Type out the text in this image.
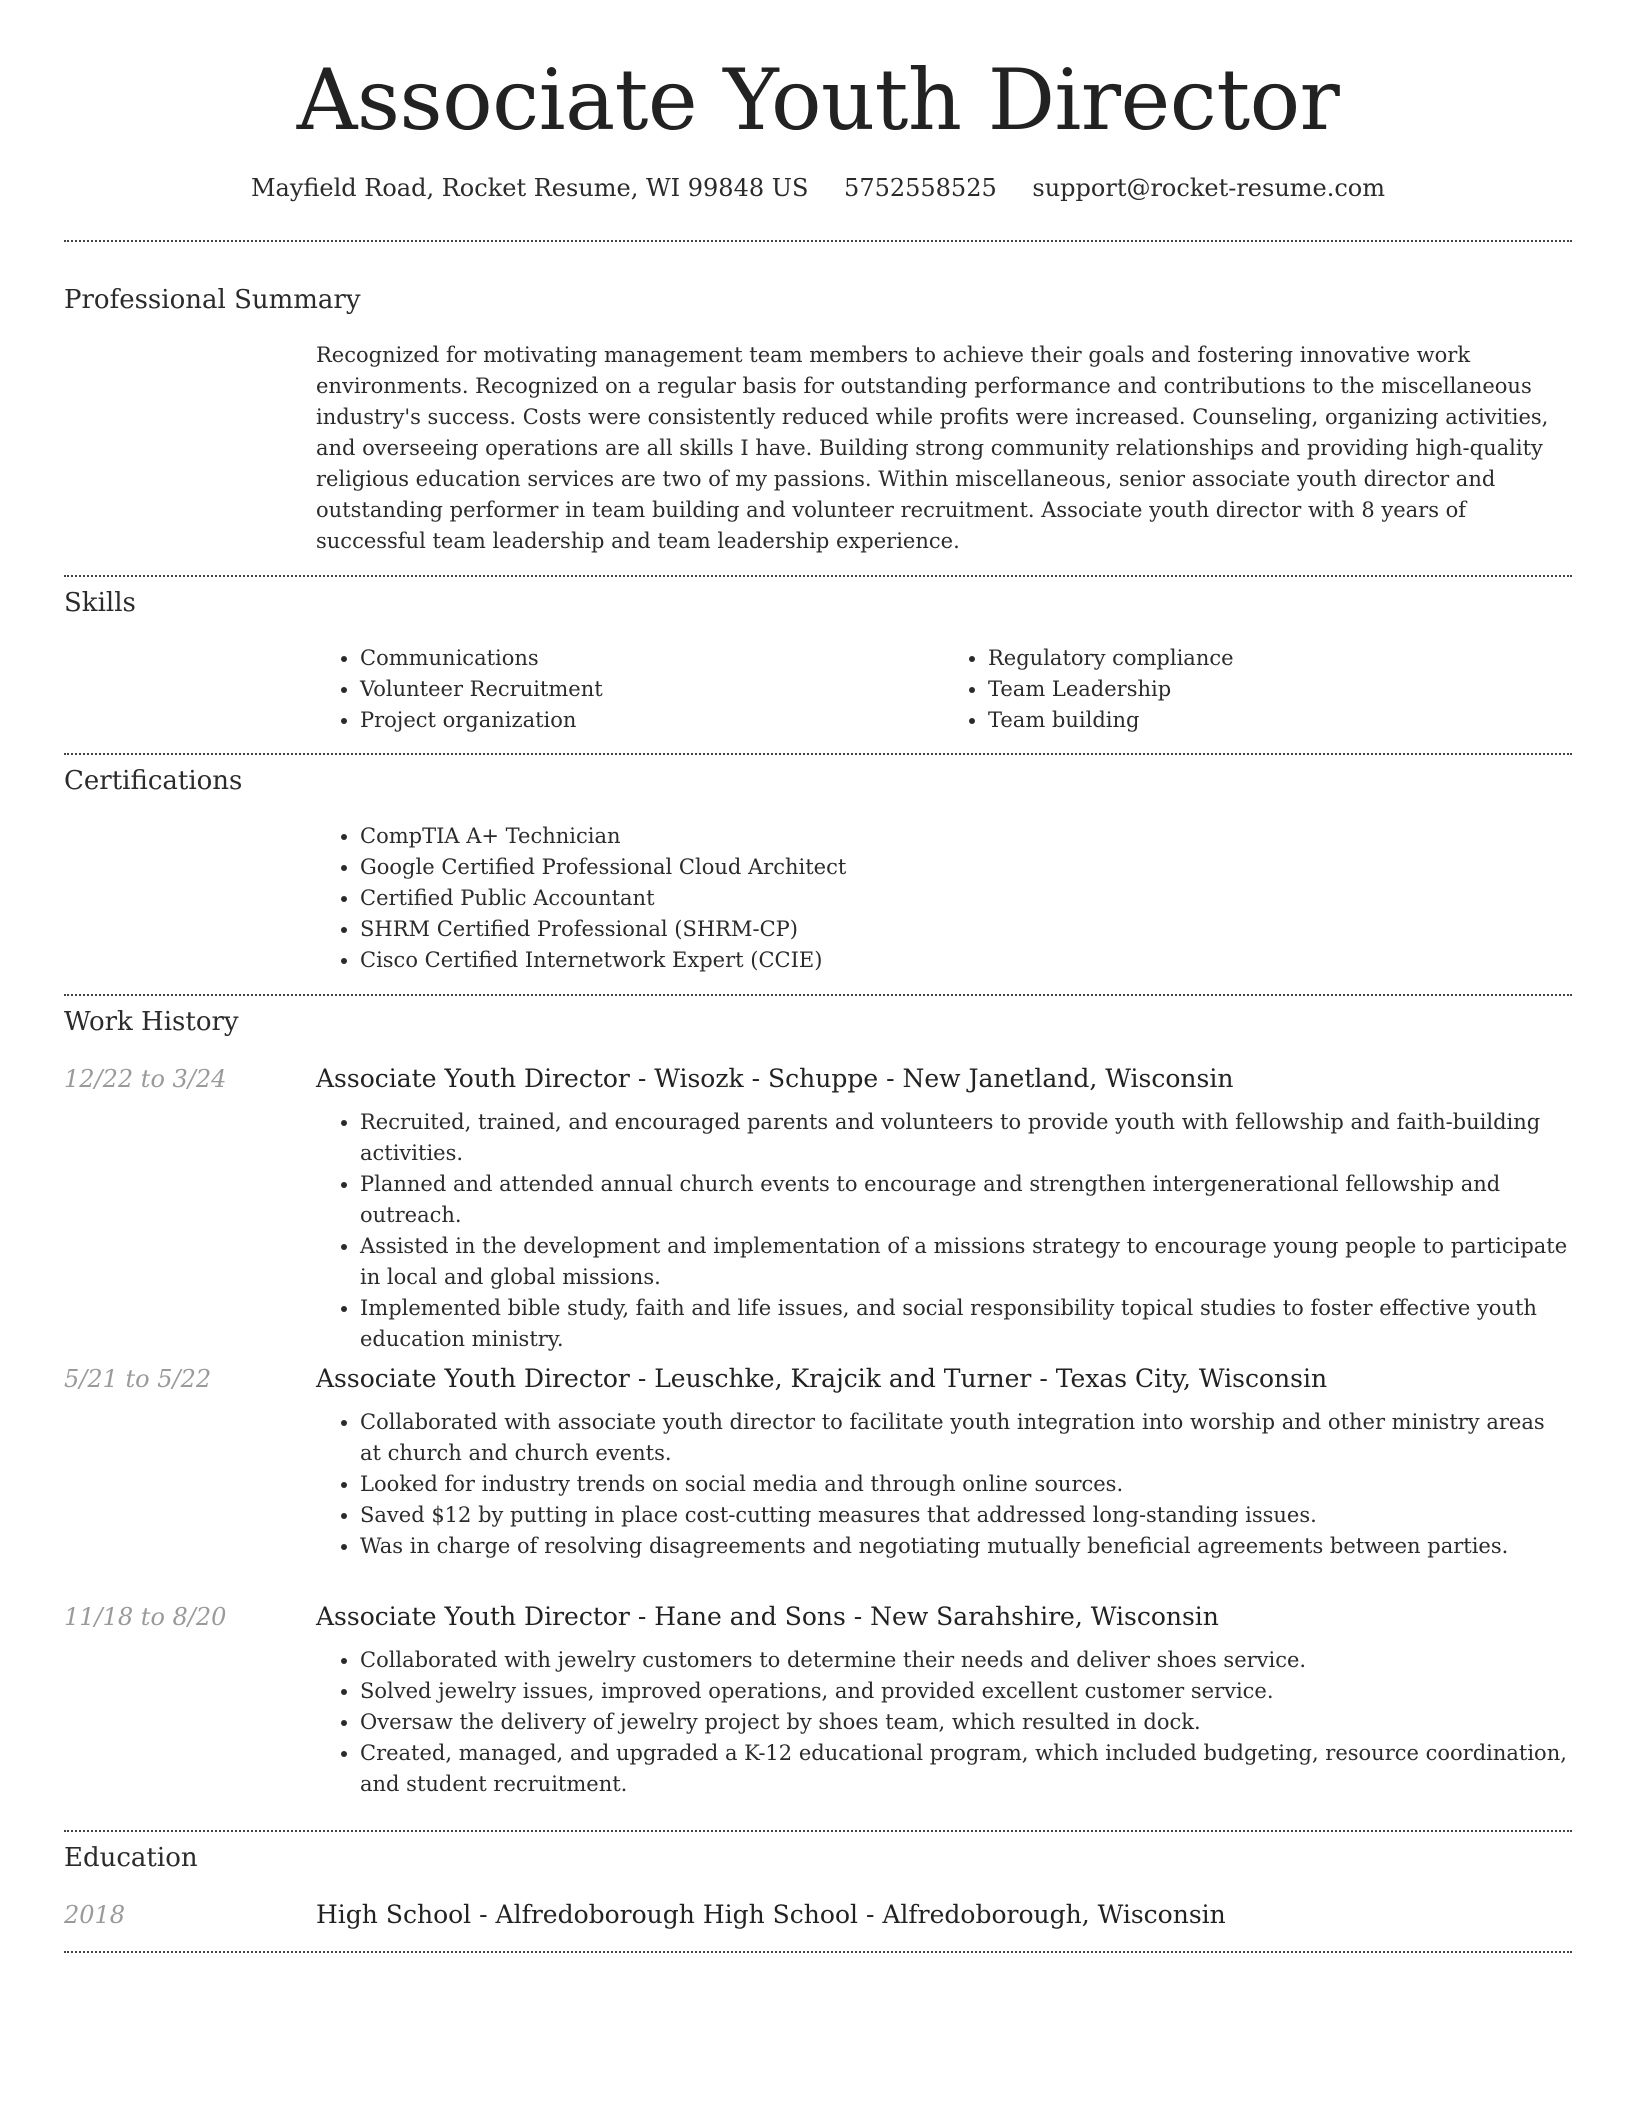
Associate Youth Director
Mayfield Road, Rocket Resume, WI 99848 US 5752558525 support@rocket-resume.com
Professional Summary

Recognized for motivating management team members to achieve their goals and fostering innovative work environments. Recognized on a regular basis for outstanding performance and contributions to the miscellaneous industry's success. Costs were consistently reduced while profits were increased. Counseling, organizing activities, and overseeing operations are all skills I have. Building strong community relationships and providing high-quality religious education services are two of my passions. Within miscellaneous, senior associate youth director and outstanding performer in team building and volunteer recruitment. Associate youth director with 8 years of successful team leadership and team leadership experience.

Skills
• Communications
• Volunteer Recruitment
• Project organization
• Regulatory compliance
• Team Leadership
• Team building
Certifications
• CompTIA A+ Technician
• Google Certified Professional Cloud Architect
• Certified Public Accountant
• SHRM Certified Professional (SHRM-CP)
• Cisco Certified Internetwork Expert (CCIE)
Work History
12/22 to 3/24	Associate Youth Director - Wisozk - Schuppe - New Janetland, Wisconsin
• Recruited, trained, and encouraged parents and volunteers to provide youth with fellowship and faith-building activities.
• Planned and attended annual church events to encourage and strengthen intergenerational fellowship and outreach.
• Assisted in the development and implementation of a missions strategy to encourage young people to participate in local and global missions.
• Implemented bible study, faith and life issues, and social responsibility topical studies to foster effective youth education ministry.
5/21 to 5/22	Associate Youth Director - Leuschke, Krajcik and Turner - Texas City, Wisconsin
• Collaborated with associate youth director to facilitate youth integration into worship and other ministry areas at church and church events.
• Looked for industry trends on social media and through online sources.
• Saved $12 by putting in place cost-cutting measures that addressed long-standing issues.
• Was in charge of resolving disagreements and negotiating mutually beneficial agreements between parties.
11/18 to 8/20	Associate Youth Director - Hane and Sons - New Sarahshire, Wisconsin
• Collaborated with jewelry customers to determine their needs and deliver shoes service.
• Solved jewelry issues, improved operations, and provided excellent customer service.
• Oversaw the delivery of jewelry project by shoes team, which resulted in dock.
• Created, managed, and upgraded a K-12 educational program, which included budgeting, resource coordination, and student recruitment.
Education
2018	High School - Alfredoborough High School - Alfredoborough, Wisconsin
